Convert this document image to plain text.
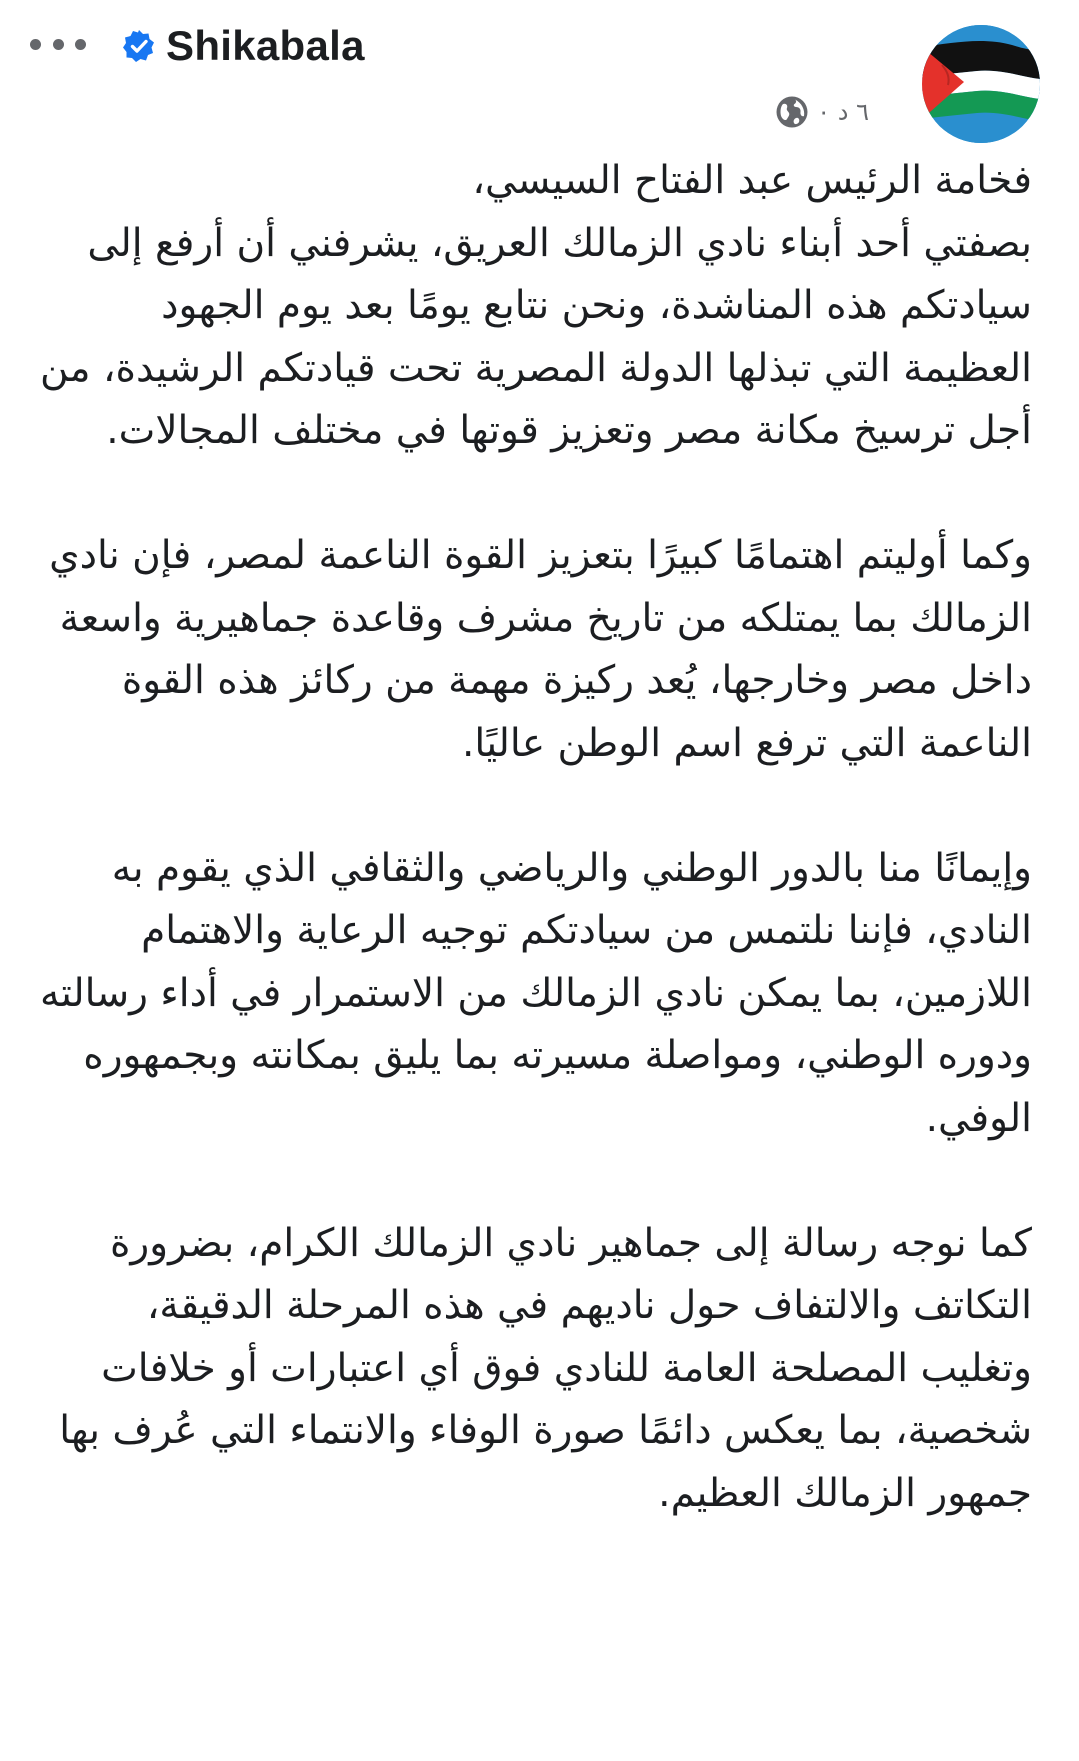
Shikabala
٦ د ٠

فخامة الرئيس عبد الفتاح السيسي،
بصفتي أحد أبناء نادي الزمالك العريق، يشرفني أن أرفع إلى سيادتكم هذه المناشدة، ونحن نتابع يومًا بعد يوم الجهود العظيمة التي تبذلها الدولة المصرية تحت قيادتكم الرشيدة، من أجل ترسيخ مكانة مصر وتعزيز قوتها في مختلف المجالات.

وكما أوليتم اهتمامًا كبيرًا بتعزيز القوة الناعمة لمصر، فإن نادي الزمالك بما يمتلكه من تاريخ مشرف وقاعدة جماهيرية واسعة داخل مصر وخارجها، يُعد ركيزة مهمة من ركائز هذه القوة الناعمة التي ترفع اسم الوطن عاليًا.

وإيمانًا منا بالدور الوطني والرياضي والثقافي الذي يقوم به النادي، فإننا نلتمس من سيادتكم توجيه الرعاية والاهتمام اللازمين، بما يمكن نادي الزمالك من الاستمرار في أداء رسالته ودوره الوطني، ومواصلة مسيرته بما يليق بمكانته وبجمهوره الوفي.

كما نوجه رسالة إلى جماهير نادي الزمالك الكرام، بضرورة التكاتف والالتفاف حول ناديهم في هذه المرحلة الدقيقة، وتغليب المصلحة العامة للنادي فوق أي اعتبارات أو خلافات شخصية، بما يعكس دائمًا صورة الوفاء والانتماء التي عُرف بها جمهور الزمالك العظيم.
